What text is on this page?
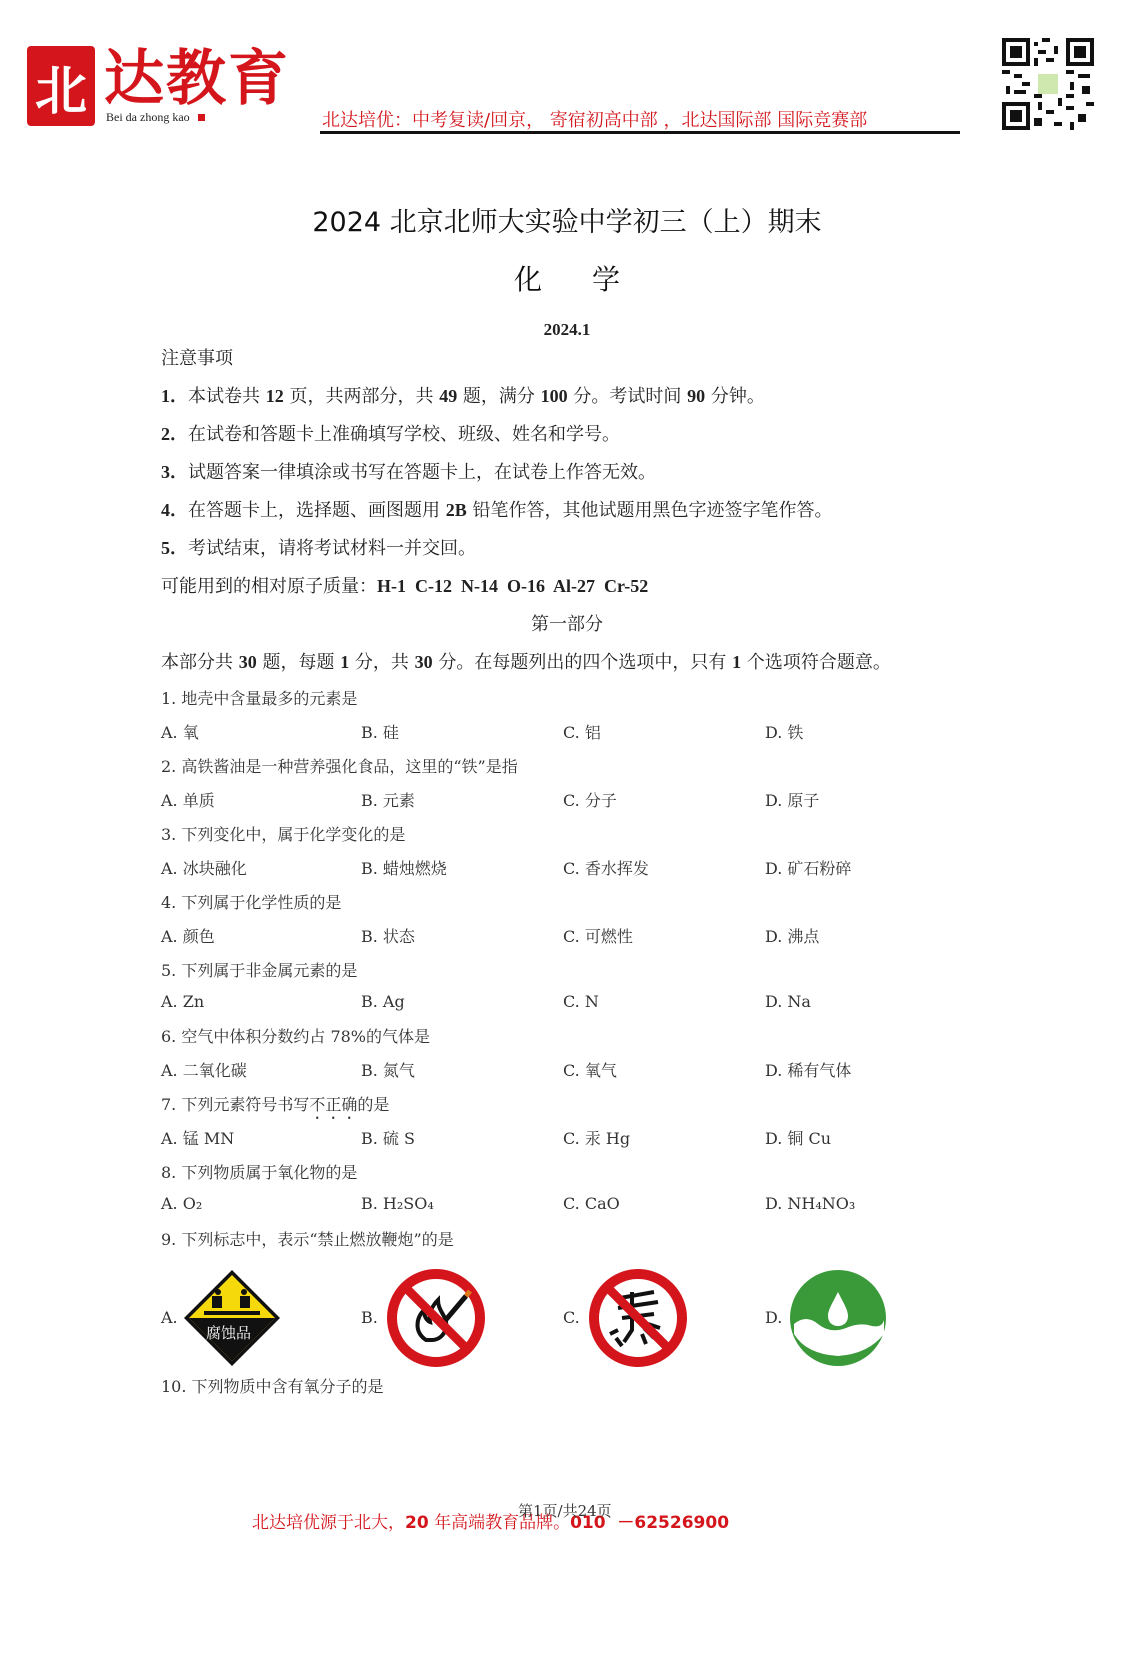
北 达教育
Bei da zhong kao	北达培优：中考复读/回京， 寄宿初高中部 ，北达国际部 国际竞赛部
2024 北京北师大实验中学初三（上）期末
化学
2024.1
注意事项
1．本试卷共 12 页，共两部分，共 49 题，满分 100 分。考试时间 90 分钟。
2．在试卷和答题卡上准确填写学校、班级、姓名和学号。
3．试题答案一律填涂或书写在答题卡上，在试卷上作答无效。
4．在答题卡上，选择题、画图题用 2B 铅笔作答，其他试题用黑色字迹签字笔作答。
5．考试结束，请将考试材料一并交回。
可能用到的相对原子质量：H-1  C-12  N-14  O-16  Al-27  Cr-52
第一部分
本部分共 30 题，每题 1 分，共 30 分。在每题列出的四个选项中，只有 1 个选项符合题意。
1. 地壳中含量最多的元素是
A. 氧	B. 硅	C. 铝	D. 铁
2. 高铁酱油是一种营养强化食品，这里的“铁”是指
A. 单质	B. 元素	C. 分子	D. 原子
3. 下列变化中，属于化学变化的是
A. 冰块融化	B. 蜡烛燃烧	C. 香水挥发	D. 矿石粉碎
4. 下列属于化学性质的是
A. 颜色	B. 状态	C. 可燃性	D. 沸点
5. 下列属于非金属元素的是
A. Zn	B. Ag	C. N	D. Na
6. 空气中体积分数约占 78%的气体是
A. 二氧化碳	B. 氮气	C. 氧气	D. 稀有气体
7. 下列元素符号书写不正确的是
A. 锰 MN	B. 硫 S	C. 汞 Hg	D. 铜 Cu
8. 下列物质属于氧化物的是
A. O₂	B. H₂SO₄	C. CaO	D. NH₄NO₃
9. 下列标志中，表示“禁止燃放鞭炮”的是
A.	B.	C.	D.
腐蚀品
10. 下列物质中含有氧分子的是
北达培优源于北大，20 年高端教育品牌。010  －62526900
第1页/共24页
